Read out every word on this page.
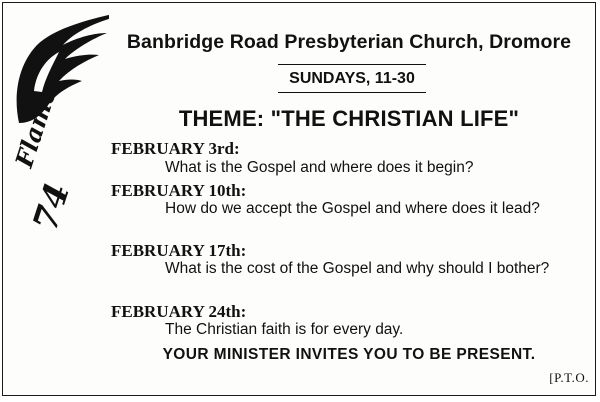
Flame
74
Banbridge Road Presbyterian Church, Dromore
SUNDAYS, 11-30
THEME: "THE CHRISTIAN LIFE"
FEBRUARY 3rd:
What is the Gospel and where does it begin?
FEBRUARY 10th:
How do we accept the Gospel and where does it lead?
FEBRUARY 17th:
What is the cost of the Gospel and why should I bother?
FEBRUARY 24th:
The Christian faith is for every day.
YOUR MINISTER INVITES YOU TO BE PRESENT.
[P.T.O.
